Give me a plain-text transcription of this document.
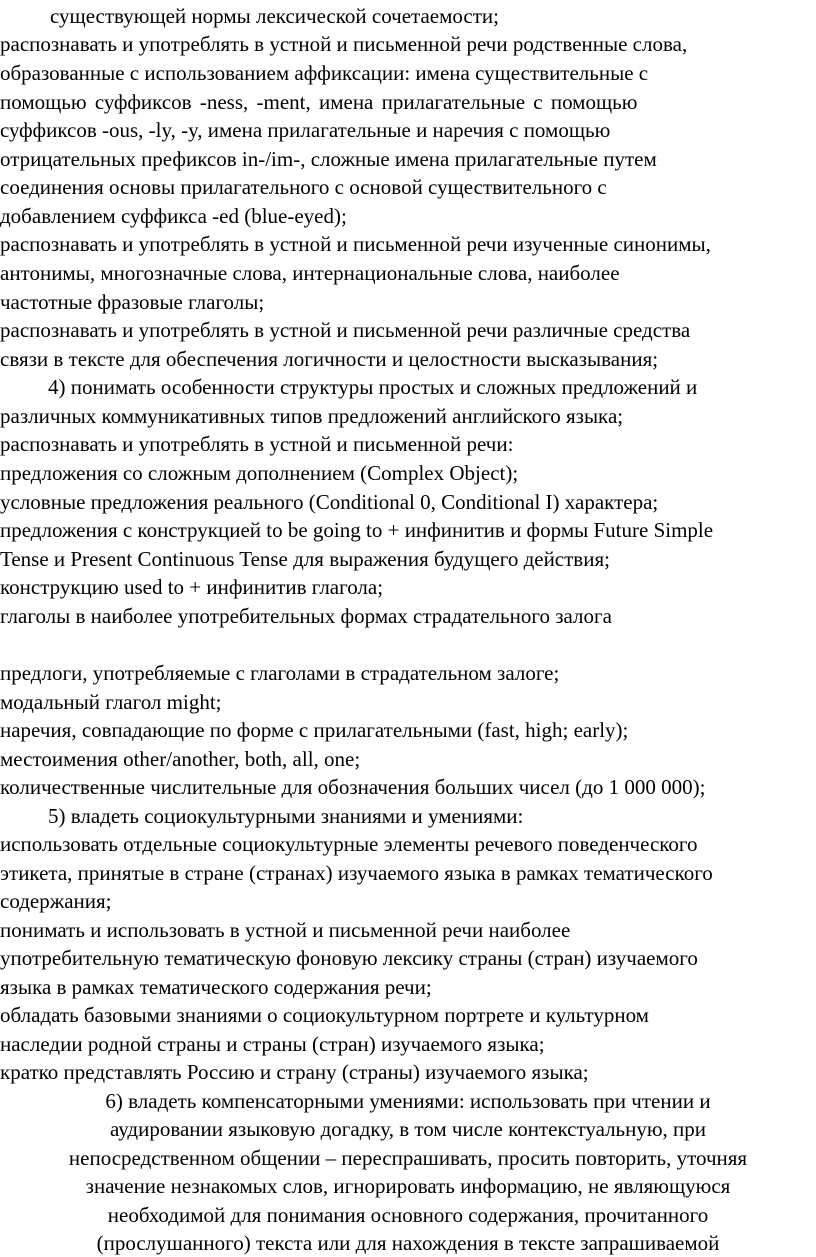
существующей нормы лексической сочетаемости;
распознавать и употреблять в устной и письменной речи родственные слова,
образованные с использованием аффиксации: имена существительные с
помощью суффиксов -ness, -ment, имена прилагательные с помощью
суффиксов -ous, -ly, -y, имена прилагательные и наречия с помощью
отрицательных префиксов in-/im-, сложные имена прилагательные путем
соединения основы прилагательного с основой существительного с
добавлением суффикса -ed (blue-eyed);
распознавать и употреблять в устной и письменной речи изученные синонимы,
антонимы, многозначные слова, интернациональные слова, наиболее
частотные фразовые глаголы;
распознавать и употреблять в устной и письменной речи различные средства
связи в тексте для обеспечения логичности и целостности высказывания;
4) понимать особенности структуры простых и сложных предложений и
различных коммуникативных типов предложений английского языка;
распознавать и употреблять в устной и письменной речи:
предложения со сложным дополнением (Complex Object);
условные предложения реального (Conditional 0, Conditional I) характера;
предложения с конструкцией to be going to + инфинитив и формы Future Simple
Tense и Present Continuous Tense для выражения будущего действия;
конструкцию used to + инфинитив глагола;
глаголы в наиболее употребительных формах страдательного залога
предлоги, употребляемые с глаголами в страдательном залоге;
модальный глагол might;
наречия, совпадающие по форме с прилагательными (fast, high; early);
местоимения other/another, both, all, one;
количественные числительные для обозначения больших чисел (до 1 000 000);
5) владеть социокультурными знаниями и умениями:
использовать отдельные социокультурные элементы речевого поведенческого
этикета, принятые в стране (странах) изучаемого языка в рамках тематического
содержания;
понимать и использовать в устной и письменной речи наиболее
употребительную тематическую фоновую лексику страны (стран) изучаемого
языка в рамках тематического содержания речи;
обладать базовыми знаниями о социокультурном портрете и культурном
наследии родной страны и страны (стран) изучаемого языка;
кратко представлять Россию и страну (страны) изучаемого языка;
6) владеть компенсаторными умениями: использовать при чтении и
аудировании языковую догадку, в том числе контекстуальную, при
непосредственном общении – переспрашивать, просить повторить, уточняя
значение незнакомых слов, игнорировать информацию, не являющуюся
необходимой для понимания основного содержания, прочитанного
(прослушанного) текста или для нахождения в тексте запрашиваемой
